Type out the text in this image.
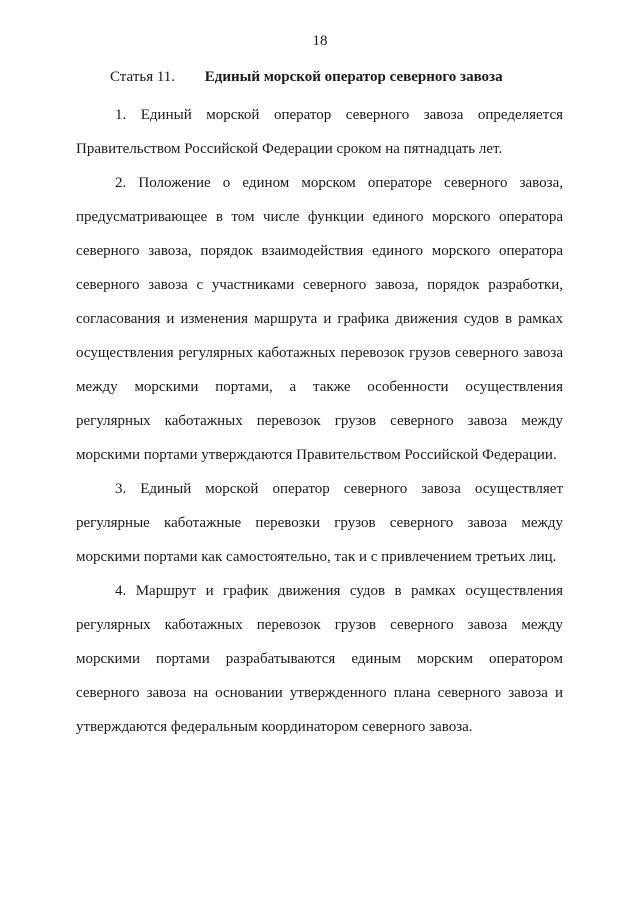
18
Статья 11. Единый морской оператор северного завоза

1. Единый морской оператор северного завоза определяется Правительством Российской Федерации сроком на пятнадцать лет.

2. Положение о едином морском операторе северного завоза, предусматривающее в том числе функции единого морского оператора северного завоза, порядок взаимодействия единого морского оператора северного завоза с участниками северного завоза, порядок разработки, согласования и изменения маршрута и графика движения судов в рамках осуществления регулярных каботажных перевозок грузов северного завоза между морскими портами, а также особенности осуществления регулярных каботажных перевозок грузов северного завоза между морскими портами утверждаются Правительством Российской Федерации.

3. Единый морской оператор северного завоза осуществляет регулярные каботажные перевозки грузов северного завоза между морскими портами как самостоятельно, так и с привлечением третьих лиц.

4. Маршрут и график движения судов в рамках осуществления регулярных каботажных перевозок грузов северного завоза между морскими портами разрабатываются единым морским оператором северного завоза на основании утвержденного плана северного завоза и утверждаются федеральным координатором северного завоза.
